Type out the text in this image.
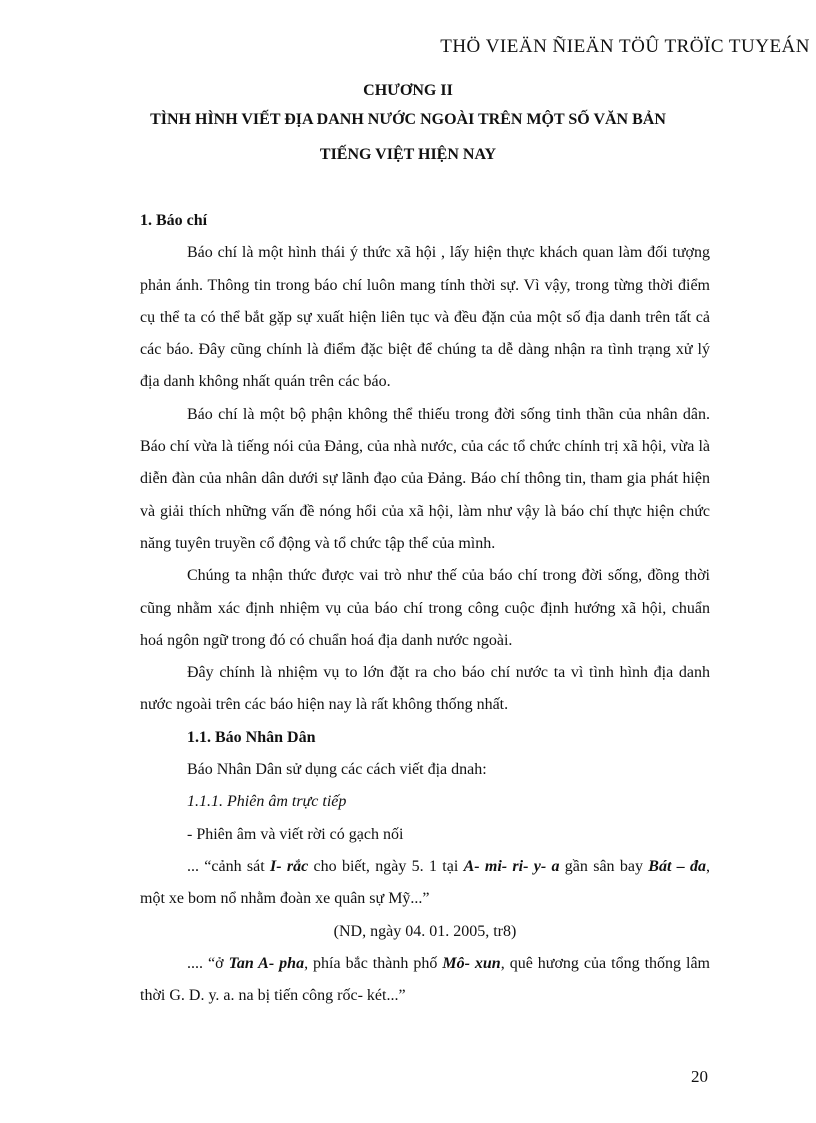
THÖ VIEÄN ÑIEÄN TÖÛ TRÖÏC TUYEÁN
CHƯƠNG II
TÌNH HÌNH VIẾT ĐỊA DANH NƯỚC NGOÀI TRÊN MỘT SỐ VĂN BẢN
TIẾNG VIỆT HIỆN NAY

1. Báo chí

Báo chí là một hình thái ý thức xã hội , lấy hiện thực khách quan làm đối tượng phản ánh. Thông tin trong báo chí luôn mang tính thời sự. Vì vậy, trong từng thời điểm cụ thể ta có thể bắt gặp sự xuất hiện liên tục và đều đặn của một số địa danh trên tất cả các báo. Đây cũng chính là điểm đặc biệt để chúng ta dễ dàng nhận ra tình trạng xử lý địa danh không nhất quán trên các báo.

Báo chí là một bộ phận không thể thiếu trong đời sống tinh thần của nhân dân. Báo chí vừa là tiếng nói của Đảng, của nhà nước, của các tổ chức chính trị xã hội, vừa là diễn đàn của nhân dân dưới sự lãnh đạo của Đảng. Báo chí thông tin, tham gia phát hiện và giải thích những vấn đề nóng hổi của xã hội, làm như vậy là báo chí thực hiện chức năng tuyên truyền cổ động và tổ chức tập thể của mình.

Chúng ta nhận thức được vai trò như thế của báo chí trong đời sống, đồng thời cũng nhằm xác định nhiệm vụ của báo chí trong công cuộc định hướng xã hội, chuẩn hoá ngôn ngữ trong đó có chuẩn hoá địa danh nước ngoài.

Đây chính là nhiệm vụ to lớn đặt ra cho báo chí nước ta vì tình hình địa danh nước ngoài trên các báo hiện nay là rất không thống nhất.

1.1. Báo Nhân Dân

Báo Nhân Dân sử dụng các cách viết địa dnah:

1.1.1. Phiên âm trực tiếp

- Phiên âm và viết rời có gạch nối

... “cảnh sát I- rắc cho biết, ngày 5. 1 tại A- mi- ri- y- a gần sân bay Bát – đa, một xe bom nổ nhằm đoàn xe quân sự Mỹ...”

(ND, ngày 04. 01. 2005, tr8)

.... “ở Tan A- pha, phía bắc thành phố Mô- xun, quê hương của tổng thống lâm thời G. D. y. a. na bị tiến công rốc- két...”

20
